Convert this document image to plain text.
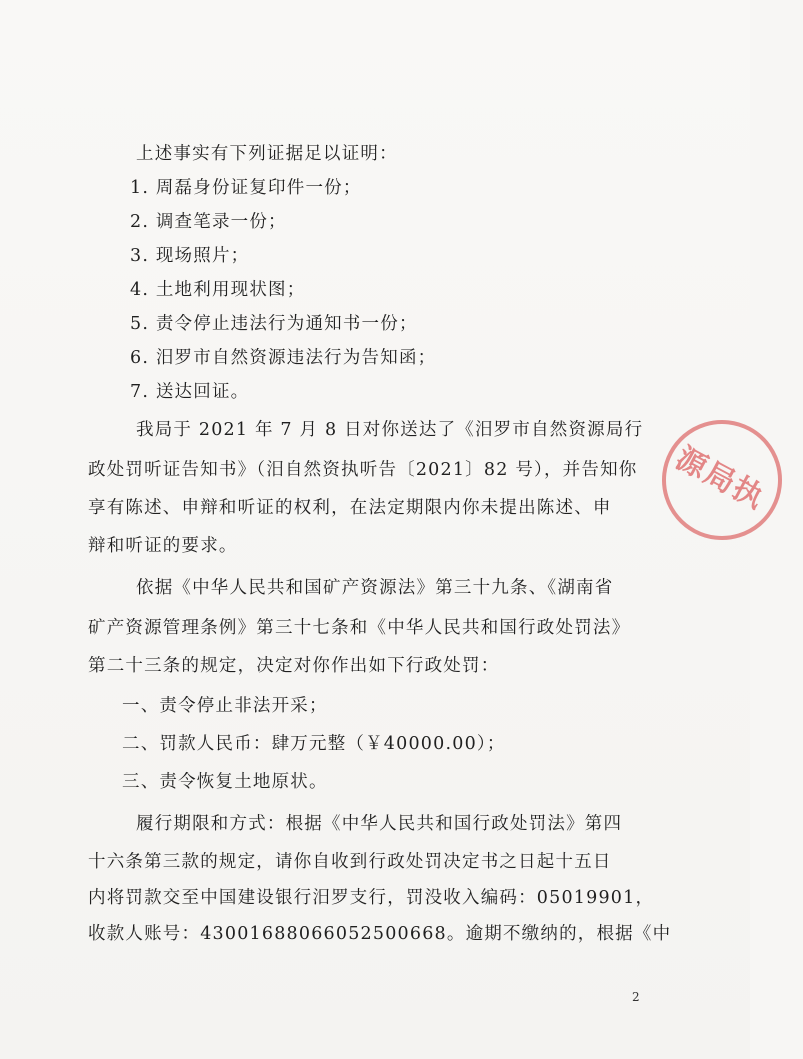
上述事实有下列证据足以证明：
1. 周磊身份证复印件一份；
2. 调查笔录一份；
3. 现场照片；
4. 土地利用现状图；
5. 责令停止违法行为通知书一份；
6. 汨罗市自然资源违法行为告知函；
7. 送达回证。
我局于 2021 年 7 月 8 日对你送达了《汨罗市自然资源局行
政处罚听证告知书》（汨自然资执听告〔2021〕82 号），并告知你
享有陈述、申辩和听证的权利，在法定期限内你未提出陈述、申
辩和听证的要求。
依据《中华人民共和国矿产资源法》第三十九条、《湖南省
矿产资源管理条例》第三十七条和《中华人民共和国行政处罚法》
第二十三条的规定，决定对你作出如下行政处罚：
一、责令停止非法开采；
二、罚款人民币：肆万元整（￥40000.00）；
三、责令恢复土地原状。
履行期限和方式：根据《中华人民共和国行政处罚法》第四
十六条第三款的规定，请你自收到行政处罚决定书之日起十五日
内将罚款交至中国建设银行汨罗支行，罚没收入编码：05019901，
收款人账号：43001688066052500668。逾期不缴纳的，根据《中
源局执
2
